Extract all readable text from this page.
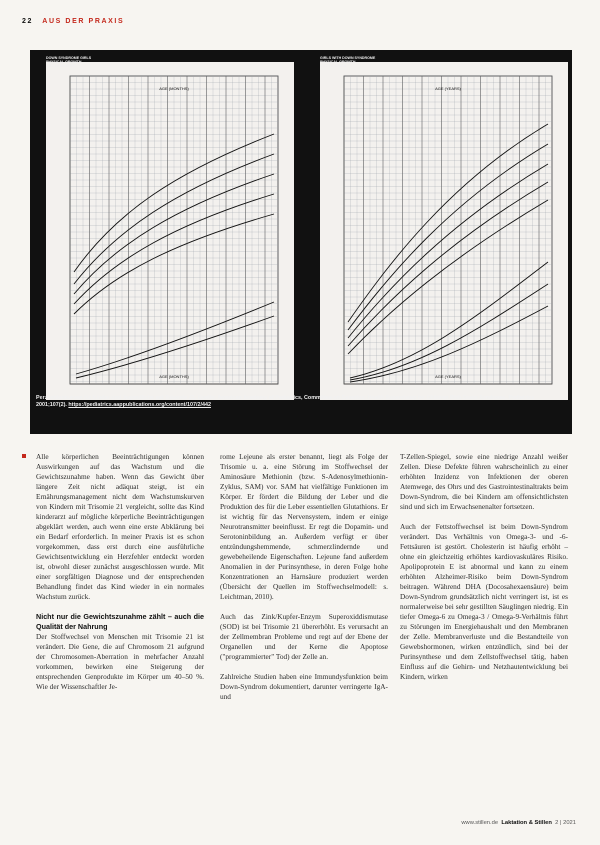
22 AUS DER PRAXIS
DOWN SYNDROME GIRLS
PHYSICAL GROWTH
1 TO 18 MONTHS
AGE (MONTHS)
AGE (MONTHS)
GIRLS WITH DOWN SYNDROME
PHYSICAL GROWTH
2 TO 18 YEARS
AGE (YEARS)
AGE (YEARS)
Perzentilenkurven für Kinder und Jugendliche mit Trisomie 21. Quelle: American Academy of Pediatrics, Committee on Genetics: Health Supervision for Children With Down Syndrome. Pediatrics 2001;107(2). https://pediatrics.aappublications.org/content/107/2/442

Alle körperlichen Beeinträchtigungen können Auswirkungen auf das Wachstum und die Gewichtszunahme haben. Wenn das Gewicht über längere Zeit nicht adäquat steigt, ist ein Ernährungsmanagement nicht dem Wachstumskurven von Kindern mit Trisomie 21 vergleicht, sollte das Kind kinderarzt auf mögliche körperliche Beeinträchtigungen abgeklärt werden, auch wenn eine erste Abklärung bei ein Bedarf erforderlich. In meiner Praxis ist es schon vorgekommen, dass erst durch eine ausführliche Gewichtsentwicklung ein Herzfehler entdeckt worden ist, obwohl dieser zunächst ausgeschlossen wurde. Mit einer sorgfältigen Diagnose und der entsprechenden Behandlung findet das Kind wieder in ein normales Wachstum zurück.

Nicht nur die Gewichtszunahme zählt – auch die Qualität der Nahrung

Der Stoffwechsel von Menschen mit Trisomie 21 ist verändert. Die Gene, die auf Chromosom 21 aufgrund der Chromosomen-Aberration in mehrfacher Anzahl vorkommen, bewirken eine Steigerung der entsprechenden Genprodukte im Körper um 40–50 %. Wie der Wissenschaftler Je-

rome Lejeune als erster benannt, liegt als Folge der Trisomie u. a. eine Störung im Stoffwechsel der Aminosäure Methionin (bzw. S-Adenosylmethionin-Zyklus, SAM) vor. SAM hat vielfältige Funktionen im Körper. Er fördert die Bildung der Leber und die Produktion des für die Leber essentiellen Glutathions. Er ist wichtig für das Nervensystem, indem er einige Neurotransmitter beeinflusst. Er regt die Dopamin- und Serotoninbildung an. Außerdem verfügt er über entzündungshemmende, schmerzlindernde und gewebeheilende Eigenschaften. Lejeune fand außerdem Anomalien in der Purinsynthese, in deren Folge hohe Konzentrationen an Harnsäure produziert werden (Übersicht der Quellen im Stoffwechselmodell: s. Leichtman, 2010).

Auch das Zink/Kupfer-Enzym Superoxiddismutase (SOD) ist bei Trisomie 21 übererhöht. Es verursacht an der Zellmembran Probleme und regt auf der Ebene der Organellen und der Kerne die Apoptose ("programmierter" Tod) der Zelle an.

Zahlreiche Studien haben eine Immundysfunktion beim Down-Syndrom dokumentiert, darunter verringerte IgA- und

T-Zellen-Spiegel, sowie eine niedrige Anzahl weißer Zellen. Diese Defekte führen wahrscheinlich zu einer erhöhten Inzidenz von Infektionen der oberen Atemwege, des Ohrs und des Gastrointestinaltrakts beim Down-Syndrom, die bei Kindern am offensichtlichsten sind und sich im Erwachsenenalter fortsetzen.

Auch der Fettstoffwechsel ist beim Down-Syndrom verändert. Das Verhältnis von Omega-3- und -6-Fettsäuren ist gestört. Cholesterin ist häufig erhöht – ohne ein gleichzeitig erhöhtes kardiovaskuläres Risiko. Apolipoprotein E ist abnormal und kann zu einem erhöhten Alzheimer-Risiko beim Down-Syndrom beitragen. Während DHA (Docosahexaensäure) beim Down-Syndrom grundsätzlich nicht verringert ist, ist es normalerweise bei sehr gestillten Säuglingen niedrig. Ein tiefer Omega-6 zu Omega-3 / Omega-9-Verhältnis führt zu Störungen im Energiehaushalt und den Membranen der Zelle. Membranverluste und die Bestandteile von Gewebshormonen, wirken entzündlich, sind bei der Purinsynthese und dem Zellstoffwechsel tätig, haben Einfluss auf die Gehirn- und Netzhautentwicklung bei Kindern, wirken

www.stillen.de Laktation & Stillen 2 | 2021
